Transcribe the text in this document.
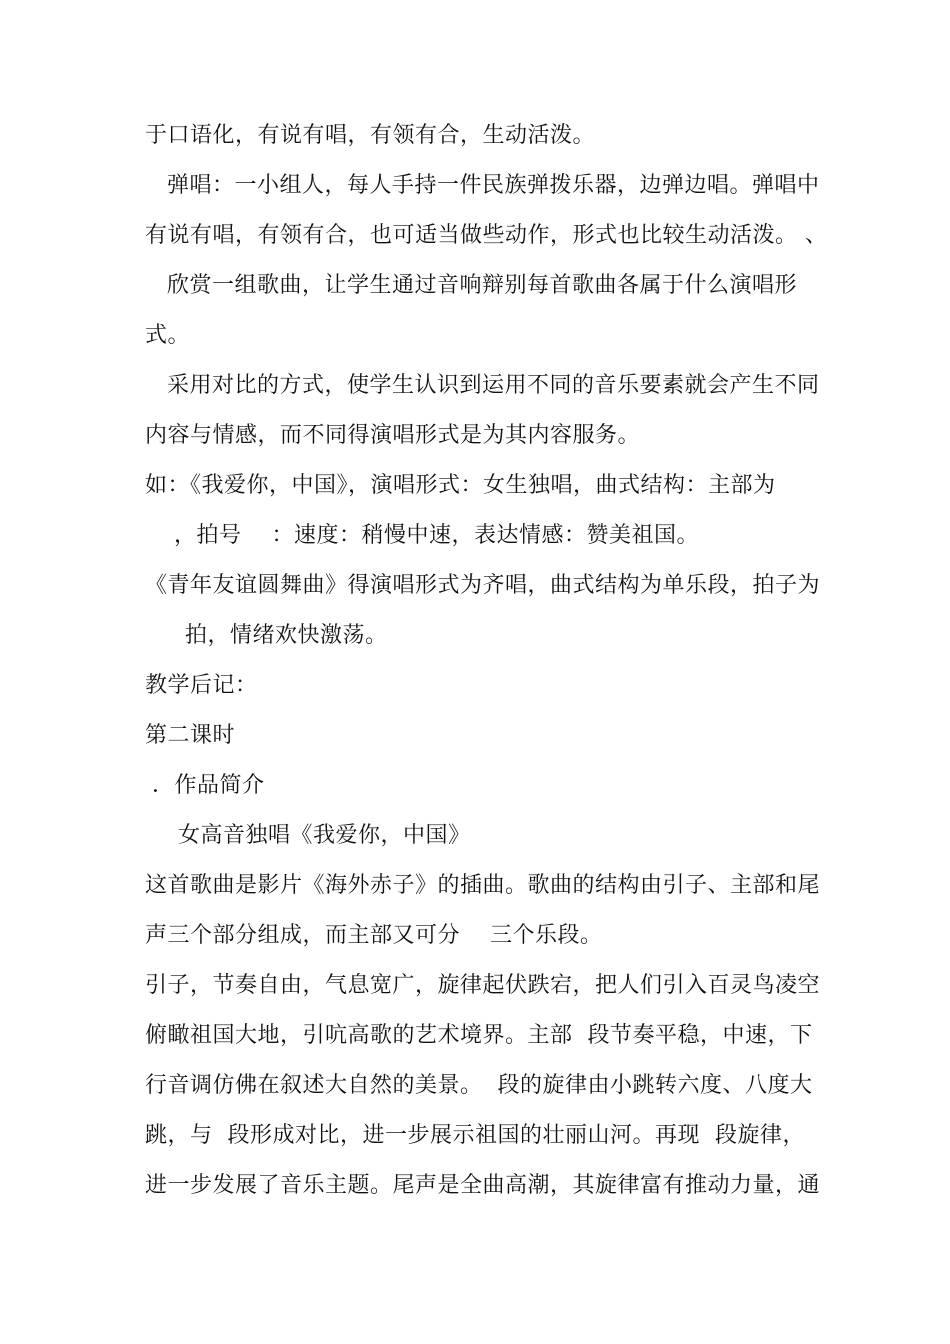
于口语化，有说有唱，有领有合，生动活泼。
弹唱：一小组人，每人手持一件民族弹拨乐器，边弹边唱。弹唱中
有说有唱，有领有合，也可适当做些动作，形式也比较生动活泼。 、
欣赏一组歌曲，让学生通过音响辩别每首歌曲各属于什么演唱形
式。
采用对比的方式，使学生认识到运用不同的音乐要素就会产生不同
内容与情感，而不同得演唱形式是为其内容服务。
如：《我爱你，中国》，演唱形式：女生独唱，曲式结构：主部为
，拍号    ：速度：稍慢中速，表达情感：赞美祖国。
《青年友谊圆舞曲》得演唱形式为齐唱，曲式结构为单乐段，拍子为
拍，情绪欢快激荡。
教学后记：
第二课时
．作品简介
女高音独唱《我爱你，中国》
这首歌曲是影片《海外赤子》的插曲。歌曲的结构由引子、主部和尾
声三个部分组成，而主部又可分    三个乐段。
引子，节奏自由，气息宽广，旋律起伏跌宕，把人们引入百灵鸟凌空
俯瞰祖国大地，引吭高歌的艺术境界。主部  段节奏平稳，中速，下
行音调仿佛在叙述大自然的美景。  段的旋律由小跳转六度、八度大
跳，与  段形成对比，进一步展示祖国的壮丽山河。再现  段旋律，
进一步发展了音乐主题。尾声是全曲高潮，其旋律富有推动力量，通
